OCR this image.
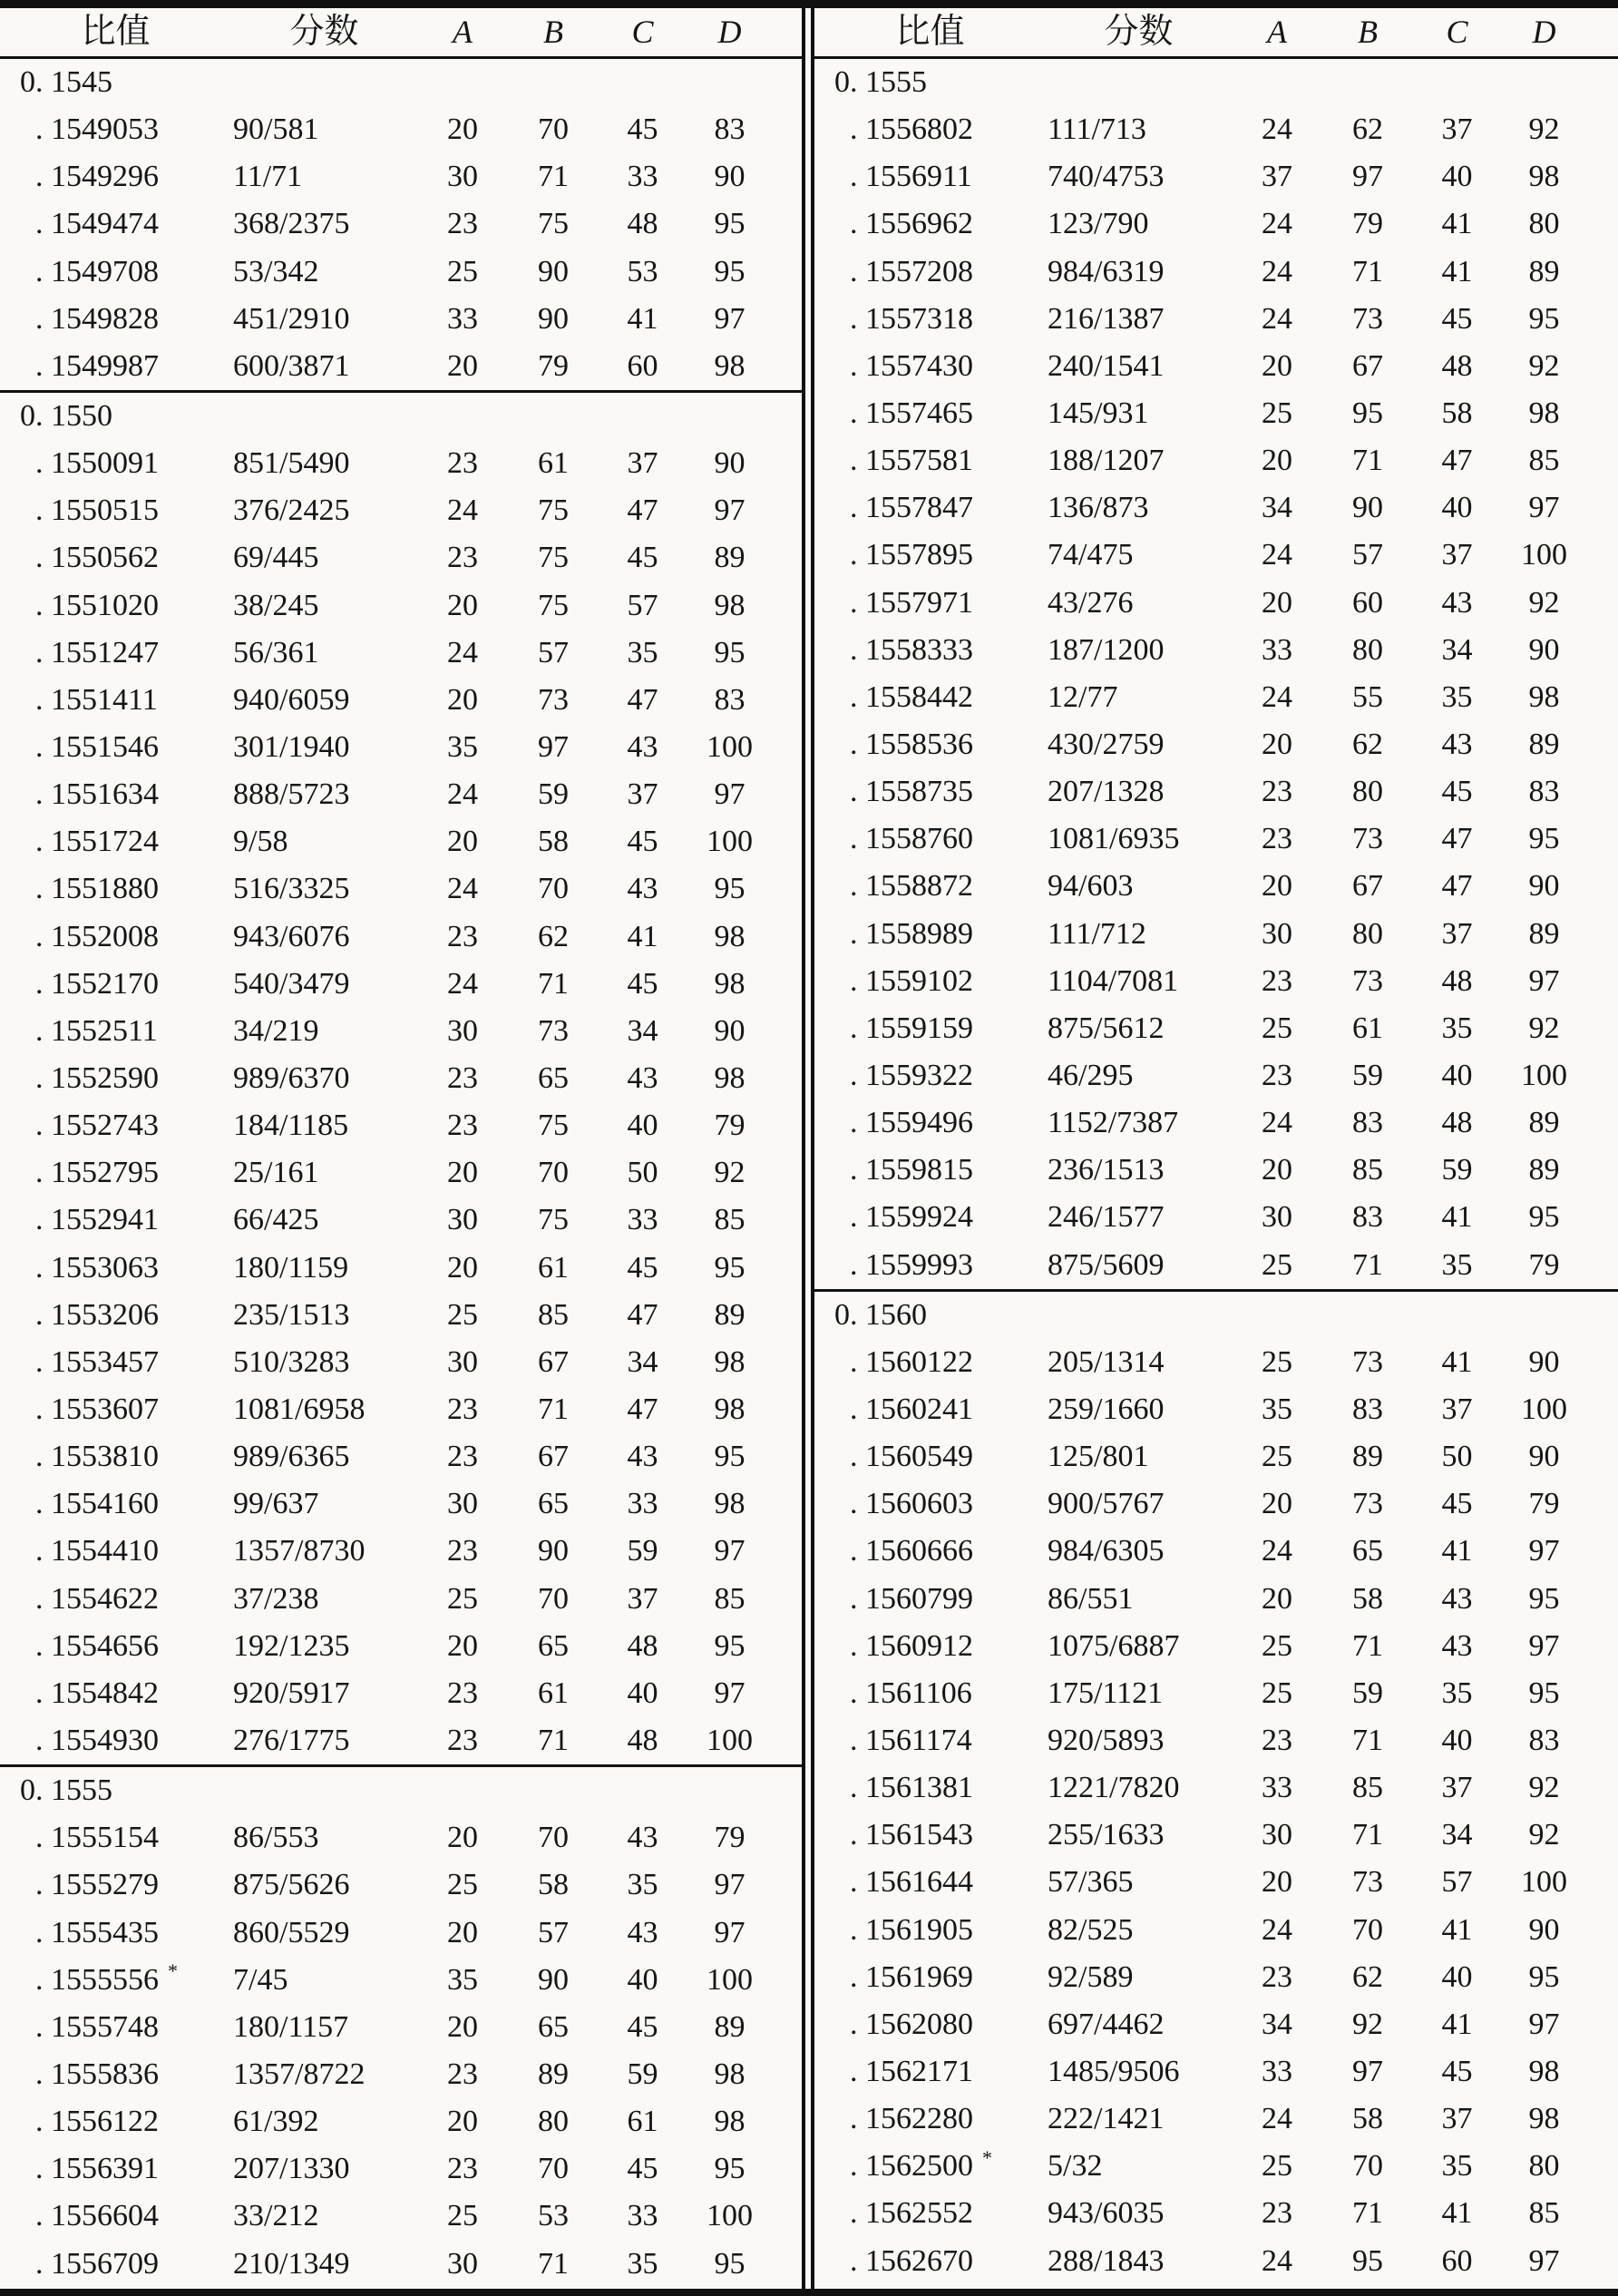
比值	分数	A	B	C	D
0. 1545
. 1549053	90/581	20	70	45	83
. 1549296	11/71	30	71	33	90
. 1549474	368/2375	23	75	48	95
. 1549708	53/342	25	90	53	95
. 1549828	451/2910	33	90	41	97
. 1549987	600/3871	20	79	60	98
0. 1550
. 1550091	851/5490	23	61	37	90
. 1550515	376/2425	24	75	47	97
. 1550562	69/445	23	75	45	89
. 1551020	38/245	20	75	57	98
. 1551247	56/361	24	57	35	95
. 1551411	940/6059	20	73	47	83
. 1551546	301/1940	35	97	43	100
. 1551634	888/5723	24	59	37	97
. 1551724	9/58	20	58	45	100
. 1551880	516/3325	24	70	43	95
. 1552008	943/6076	23	62	41	98
. 1552170	540/3479	24	71	45	98
. 1552511	34/219	30	73	34	90
. 1552590	989/6370	23	65	43	98
. 1552743	184/1185	23	75	40	79
. 1552795	25/161	20	70	50	92
. 1552941	66/425	30	75	33	85
. 1553063	180/1159	20	61	45	95
. 1553206	235/1513	25	85	47	89
. 1553457	510/3283	30	67	34	98
. 1553607	1081/6958	23	71	47	98
. 1553810	989/6365	23	67	43	95
. 1554160	99/637	30	65	33	98
. 1554410	1357/8730	23	90	59	97
. 1554622	37/238	25	70	37	85
. 1554656	192/1235	20	65	48	95
. 1554842	920/5917	23	61	40	97
. 1554930	276/1775	23	71	48	100
0. 1555
. 1555154	86/553	20	70	43	79
. 1555279	875/5626	25	58	35	97
. 1555435	860/5529	20	57	43	97
. 1555556 *	7/45	35	90	40	100
. 1555748	180/1157	20	65	45	89
. 1555836	1357/8722	23	89	59	98
. 1556122	61/392	20	80	61	98
. 1556391	207/1330	23	70	45	95
. 1556604	33/212	25	53	33	100
. 1556709	210/1349	30	71	35	95
比值	分数	A	B	C	D
0. 1555
. 1556802	111/713	24	62	37	92
. 1556911	740/4753	37	97	40	98
. 1556962	123/790	24	79	41	80
. 1557208	984/6319	24	71	41	89
. 1557318	216/1387	24	73	45	95
. 1557430	240/1541	20	67	48	92
. 1557465	145/931	25	95	58	98
. 1557581	188/1207	20	71	47	85
. 1557847	136/873	34	90	40	97
. 1557895	74/475	24	57	37	100
. 1557971	43/276	20	60	43	92
. 1558333	187/1200	33	80	34	90
. 1558442	12/77	24	55	35	98
. 1558536	430/2759	20	62	43	89
. 1558735	207/1328	23	80	45	83
. 1558760	1081/6935	23	73	47	95
. 1558872	94/603	20	67	47	90
. 1558989	111/712	30	80	37	89
. 1559102	1104/7081	23	73	48	97
. 1559159	875/5612	25	61	35	92
. 1559322	46/295	23	59	40	100
. 1559496	1152/7387	24	83	48	89
. 1559815	236/1513	20	85	59	89
. 1559924	246/1577	30	83	41	95
. 1559993	875/5609	25	71	35	79
0. 1560
. 1560122	205/1314	25	73	41	90
. 1560241	259/1660	35	83	37	100
. 1560549	125/801	25	89	50	90
. 1560603	900/5767	20	73	45	79
. 1560666	984/6305	24	65	41	97
. 1560799	86/551	20	58	43	95
. 1560912	1075/6887	25	71	43	97
. 1561106	175/1121	25	59	35	95
. 1561174	920/5893	23	71	40	83
. 1561381	1221/7820	33	85	37	92
. 1561543	255/1633	30	71	34	92
. 1561644	57/365	20	73	57	100
. 1561905	82/525	24	70	41	90
. 1561969	92/589	23	62	40	95
. 1562080	697/4462	34	92	41	97
. 1562171	1485/9506	33	97	45	98
. 1562280	222/1421	24	58	37	98
. 1562500 *	5/32	25	70	35	80
. 1562552	943/6035	23	71	41	85
. 1562670	288/1843	24	95	60	97
